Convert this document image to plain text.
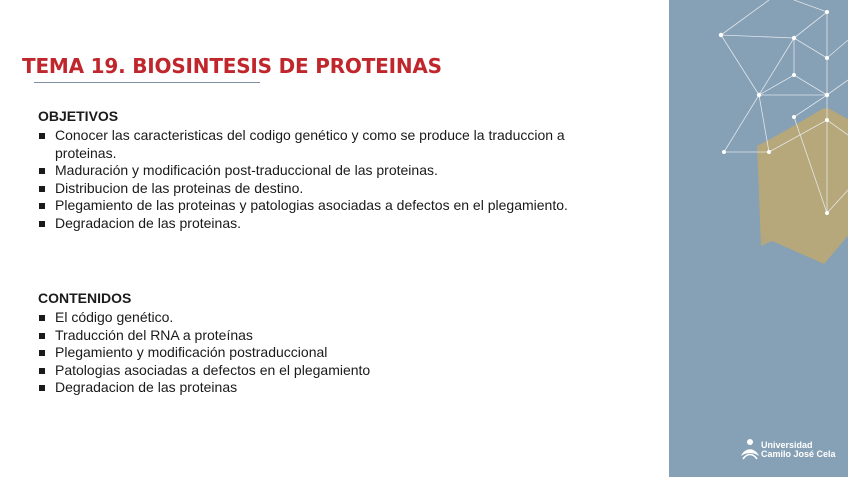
TEMA 19. BIOSINTESIS DE PROTEINAS
OBJETIVOS
Conocer las caracteristicas del codigo genético y como se produce la traduccion a
proteinas.
Maduración y modificación post-traduccional de las proteinas.
Distribucion de las proteinas de destino.
Plegamiento de las proteinas y patologias asociadas a defectos en el plegamiento.
Degradacion de las proteinas.
CONTENIDOS
El código genético.
Traducción del RNA a proteínas
Plegamiento y modificación postraduccional
Patologias asociadas a defectos en el plegamiento
Degradacion de las proteinas
Universidad
Camilo José Cela
